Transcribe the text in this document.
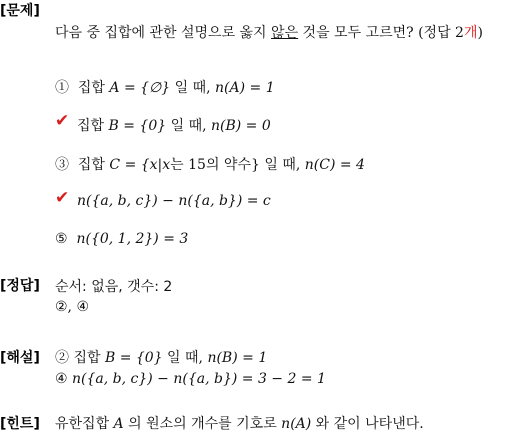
[문제]
다음 중 집합에 관한 설명으로 옳지 않은 것을 모두 고르면? (정답 2개)
① 집합 A = {∅} 일 때, n(A) = 1
✔ 집합 B = {0} 일 때, n(B) = 0
③ 집합 C = {x|x는 15의 약수} 일 때, n(C) = 4
✔ n({a, b, c}) − n({a, b}) = c
⑤ n({0, 1, 2}) = 3
[정답] 순서: 없음, 갯수: 2
②, ④
[해설] ② 집합 B = {0} 일 때, n(B) = 1
④ n({a, b, c}) − n({a, b}) = 3 − 2 = 1
[힌트] 유한집합 A 의 원소의 개수를 기호로 n(A) 와 같이 나타낸다.
